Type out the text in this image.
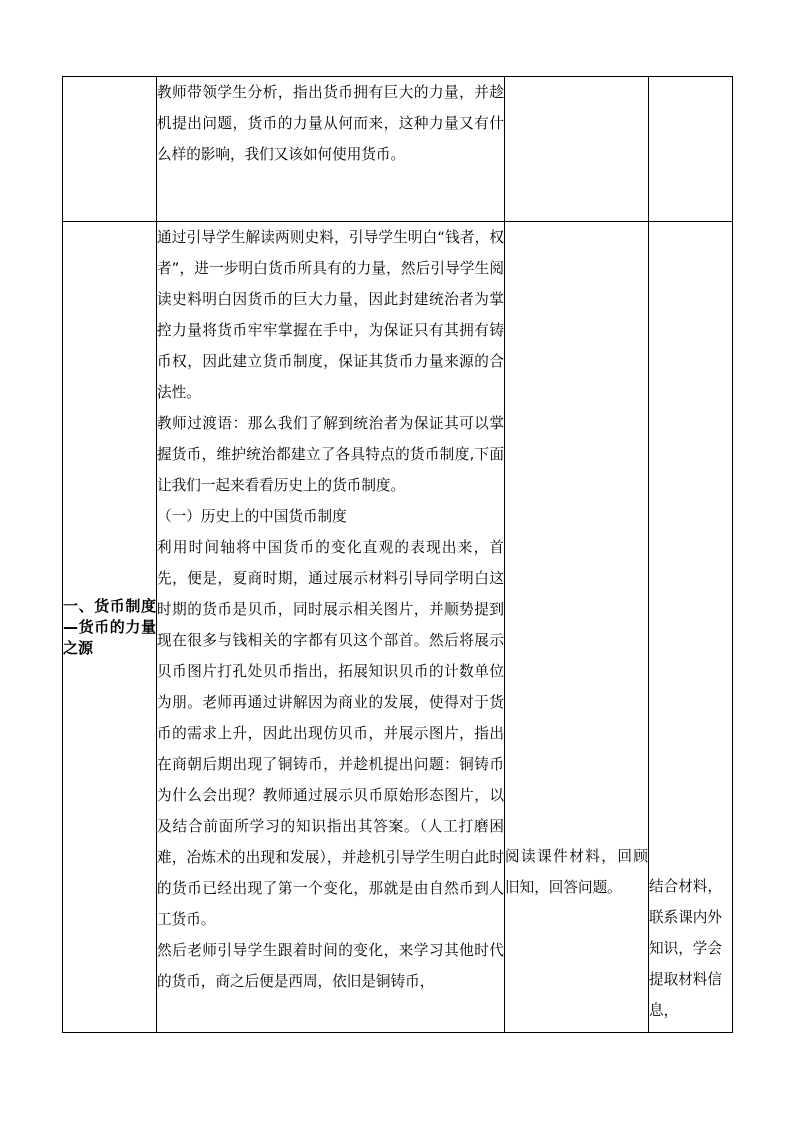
	教师带领学生分析，指出货币拥有巨大的力量，并趁机提出问题，货币的力量从何而来，这种力量又有什么样的影响，我们又该如何使用货币。		

一、货币制度—货币的力量之源	通过引导学生解读两则史料，引导学生明白“钱者，权者”，进一步明白货币所具有的力量，然后引导学生阅读史料明白因货币的巨大力量，因此封建统治者为掌控力量将货币牢牢掌握在手中，为保证只有其拥有铸币权，因此建立货币制度，保证其货币力量来源的合法性。

教师过渡语：那么我们了解到统治者为保证其可以掌握货币，维护统治都建立了各具特点的货币制度,下面让我们一起来看看历史上的货币制度。

（一）历史上的中国货币制度

利用时间轴将中国货币的变化直观的表现出来，首先，便是，夏商时期，通过展示材料引导同学明白这时期的货币是贝币，同时展示相关图片，并顺势提到现在很多与钱相关的字都有贝这个部首。然后将展示贝币图片打孔处贝币指出，拓展知识贝币的计数单位为朋。老师再通过讲解因为商业的发展，使得对于货币的需求上升，因此出现仿贝币，并展示图片，指出在商朝后期出现了铜铸币，并趁机提出问题：铜铸币为什么会出现？教师通过展示贝币原始形态图片，以及结合前面所学习的知识指出其答案。（人工打磨困难，冶炼术的出现和发展），并趁机引导学生明白此时的货币已经出现了第一个变化，那就是由自然币到人工货币。

然后老师引导学生跟着时间的变化，来学习其他时代的货币，商之后便是西周，依旧是铜铸币，	阅读课件材料，回顾旧知，回答问题。	结合材料，联系课内外知识，学会提取材料信息，
